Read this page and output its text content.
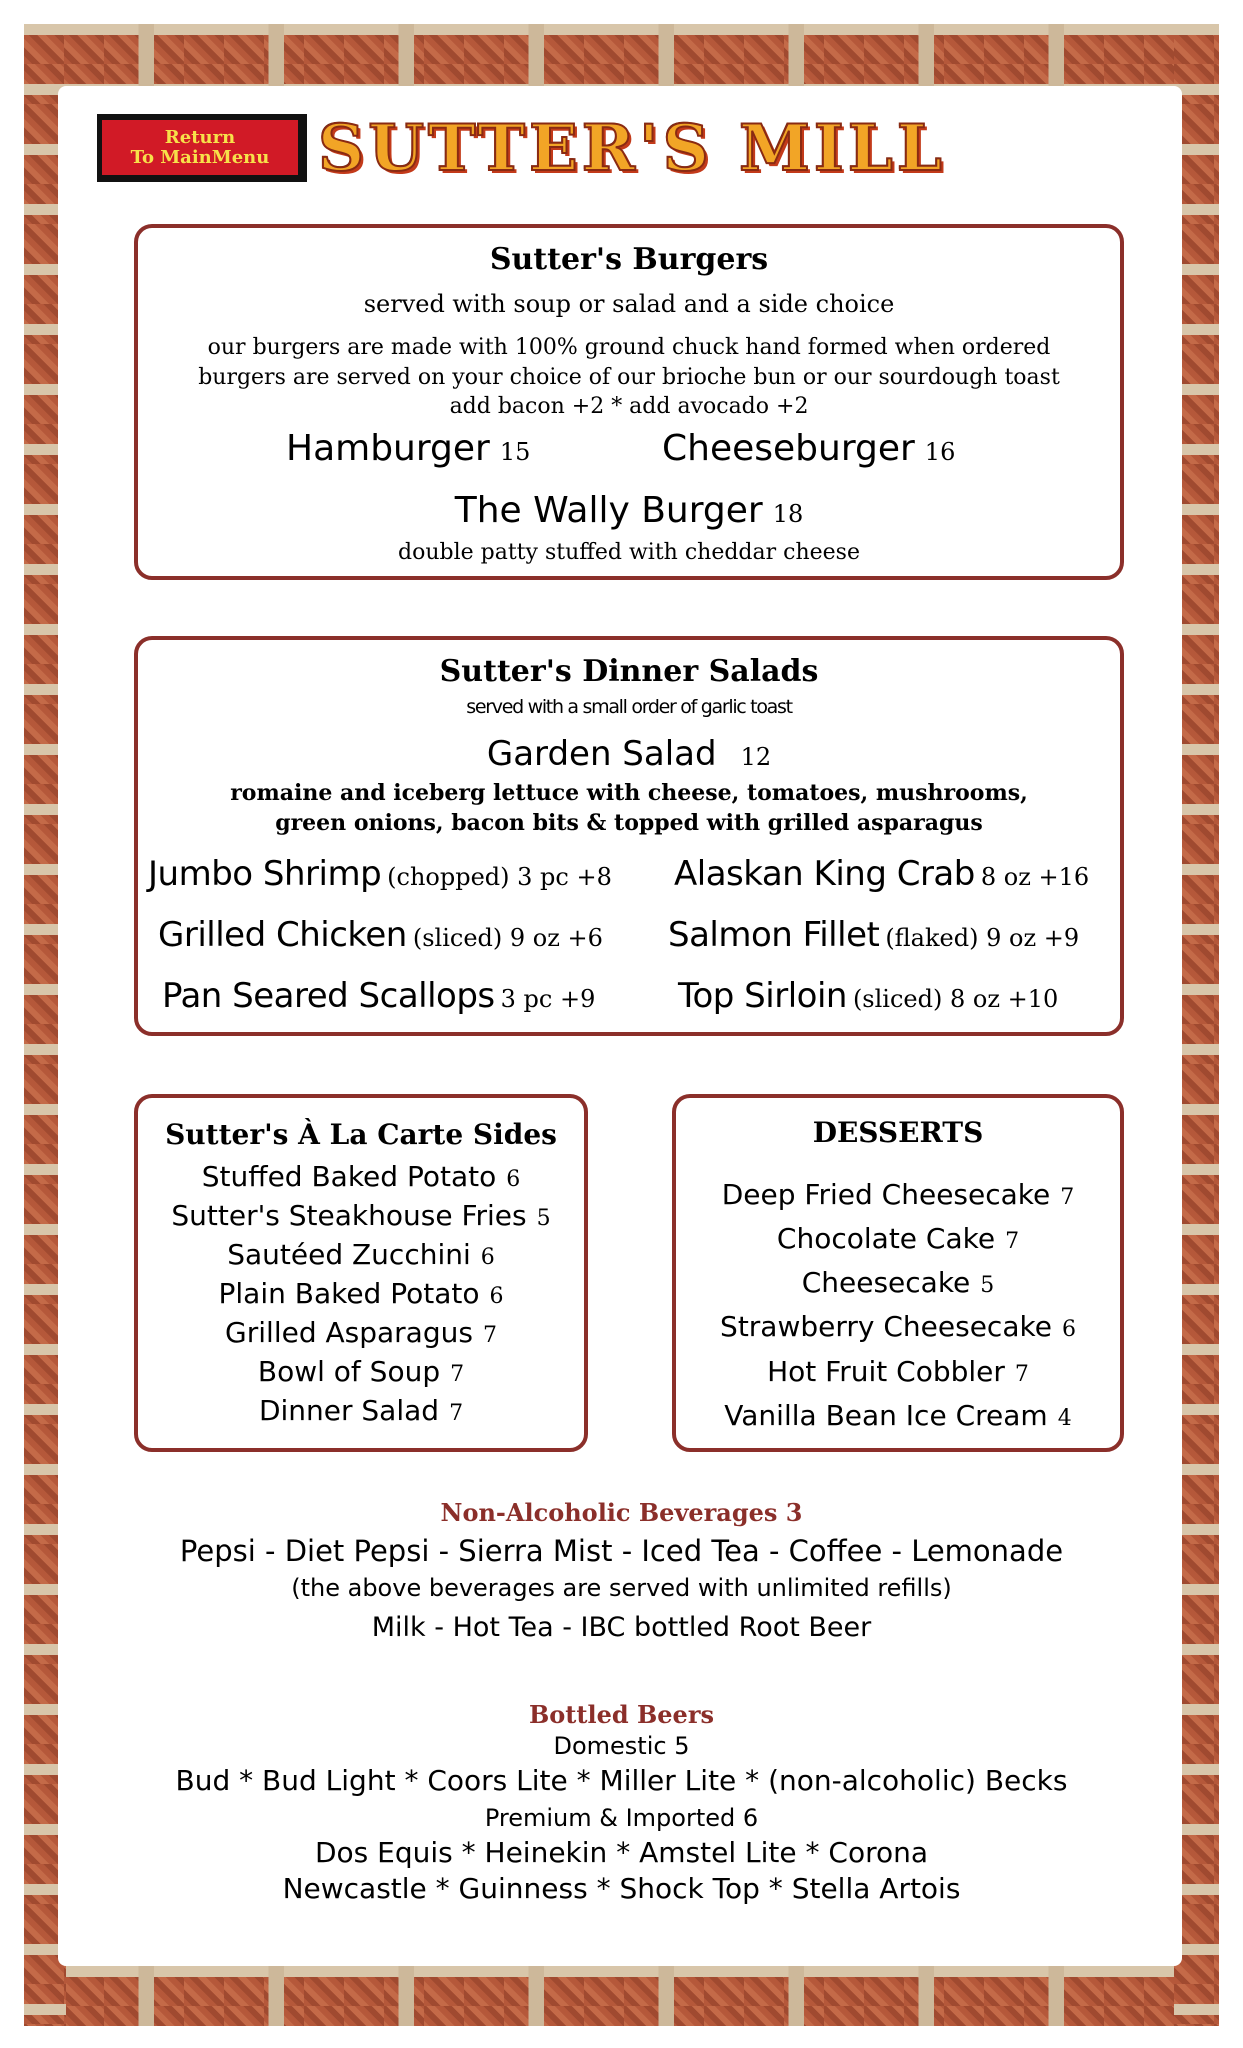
Return
To MainMenu SUTTER'S MILL
Sutter's Burgers
served with soup or salad and a side choice
our burgers are made with 100% ground chuck hand formed when ordered
burgers are served on your choice of our brioche bun or our sourdough toast
add bacon +2 * add avocado +2
Hamburger 15	Cheeseburger 16
The Wally Burger 18
double patty stuffed with cheddar cheese
Sutter's Dinner Salads
served with a small order of garlic toast
Garden Salad 12
romaine and iceberg lettuce with cheese, tomatoes, mushrooms,
green onions, bacon bits & topped with grilled asparagus
Jumbo Shrimp (chopped) 3 pc +8 Alaskan King Crab 8 oz +16
Grilled Chicken (sliced) 9 oz +6 Salmon Fillet (flaked) 9 oz +9
Pan Seared Scallops 3 pc +9 Top Sirloin (sliced) 8 oz +10
Sutter's À La Carte Sides
Stuffed Baked Potato 6
Sutter's Steakhouse Fries 5
Sautéed Zucchini 6
Plain Baked Potato 6
Grilled Asparagus 7
Bowl of Soup 7
Dinner Salad 7
DESSERTS
Deep Fried Cheesecake 7
Chocolate Cake 7
Cheesecake 5
Strawberry Cheesecake 6
Hot Fruit Cobbler 7
Vanilla Bean Ice Cream 4
Non-Alcoholic Beverages 3
Pepsi - Diet Pepsi - Sierra Mist - Iced Tea - Coffee - Lemonade
(the above beverages are served with unlimited refills)
Milk - Hot Tea - IBC bottled Root Beer
Bottled Beers
Domestic 5
Bud * Bud Light * Coors Lite * Miller Lite * (non-alcoholic) Becks
Premium & Imported 6
Dos Equis * Heinekin * Amstel Lite * Corona
Newcastle * Guinness * Shock Top * Stella Artois
